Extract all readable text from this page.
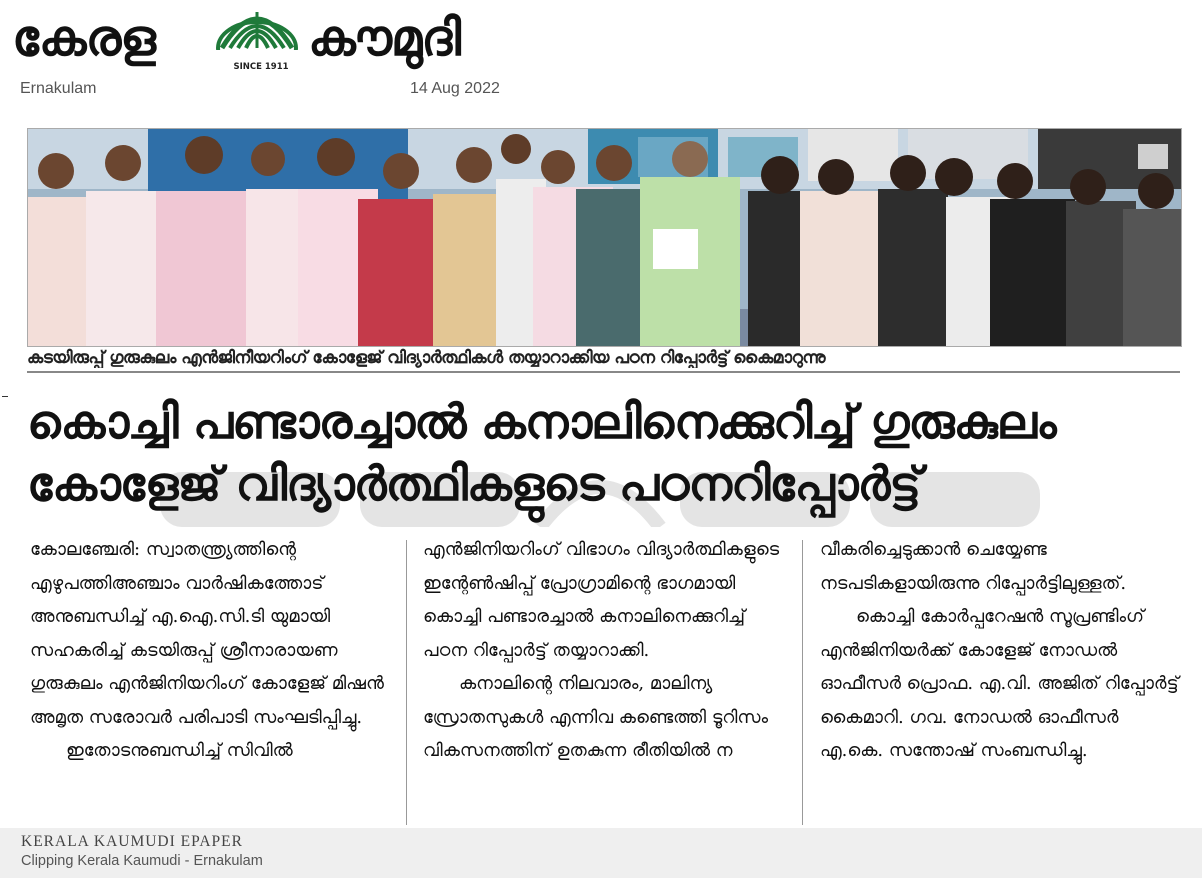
കേരള	SINCE 1911 കൗമുദി
Ernakulam	14 Aug 2022
കടയിരുപ്പ് ഗുരുകുലം എൻജിനീയറിംഗ് കോളേജ് വിദ്യാർത്ഥികൾ തയ്യാറാക്കിയ പഠന റിപ്പോർട്ട് കൈമാറുന്നു
കൊച്ചി പണ്ടാരച്ചാൽ കനാലിനെക്കുറിച്ച് ഗുരുകുലം
കോളേജ് വിദ്യാർത്ഥികളുടെ പഠനറിപ്പോർട്ട്

കോലഞ്ചേരി: സ്വാതന്ത്ര്യത്തിന്റെ എഴുപത്തിഅഞ്ചാം വാർഷികത്തോട് അനുബന്ധിച്ച് എ.ഐ.സി.ടി യുമായി സഹകരിച്ച് കടയിരുപ്പ് ശ്രീനാരായണ ഗുരുകുലം എൻജിനിയറിംഗ് കോളേജ് മിഷൻ അമൃത സരോവർ പരിപാടി സംഘടിപ്പിച്ചു.

ഇതോടനുബന്ധിച്ച് സിവിൽ

എൻജിനിയറിംഗ് വിഭാഗം വിദ്യാർത്ഥികളുടെ ഇന്റേൺഷിപ്പ് പ്രോഗ്രാമിന്റെ ഭാഗമായി കൊച്ചി പണ്ടാരച്ചാൽ കനാലിനെക്കുറിച്ച് പഠന റിപ്പോർട്ട് തയ്യാറാക്കി.

കനാലിന്റെ നിലവാരം, മാലിന്യ സ്രോതസുകൾ എന്നിവ കണ്ടെത്തി ടൂറിസം വികസനത്തിന് ഉതകുന്ന രീതിയിൽ ന

വീകരിച്ചെടുക്കാൻ ചെയ്യേണ്ട നടപടികളായിരുന്നു റിപ്പോർട്ടിലുള്ളത്.

കൊച്ചി കോർപ്പറേഷൻ സൂപ്രണ്ടിംഗ് എൻജിനിയർക്ക് കോളേജ് നോഡൽ ഓഫീസർ പ്രൊഫ. എ.വി. അജിത് റിപ്പോർട്ട് കൈമാറി. ഗവ. നോഡൽ ഓഫീസർ എ.കെ. സന്തോഷ് സംബന്ധിച്ചു.

KERALA KAUMUDI EPAPER
Clipping Kerala Kaumudi - Ernakulam
